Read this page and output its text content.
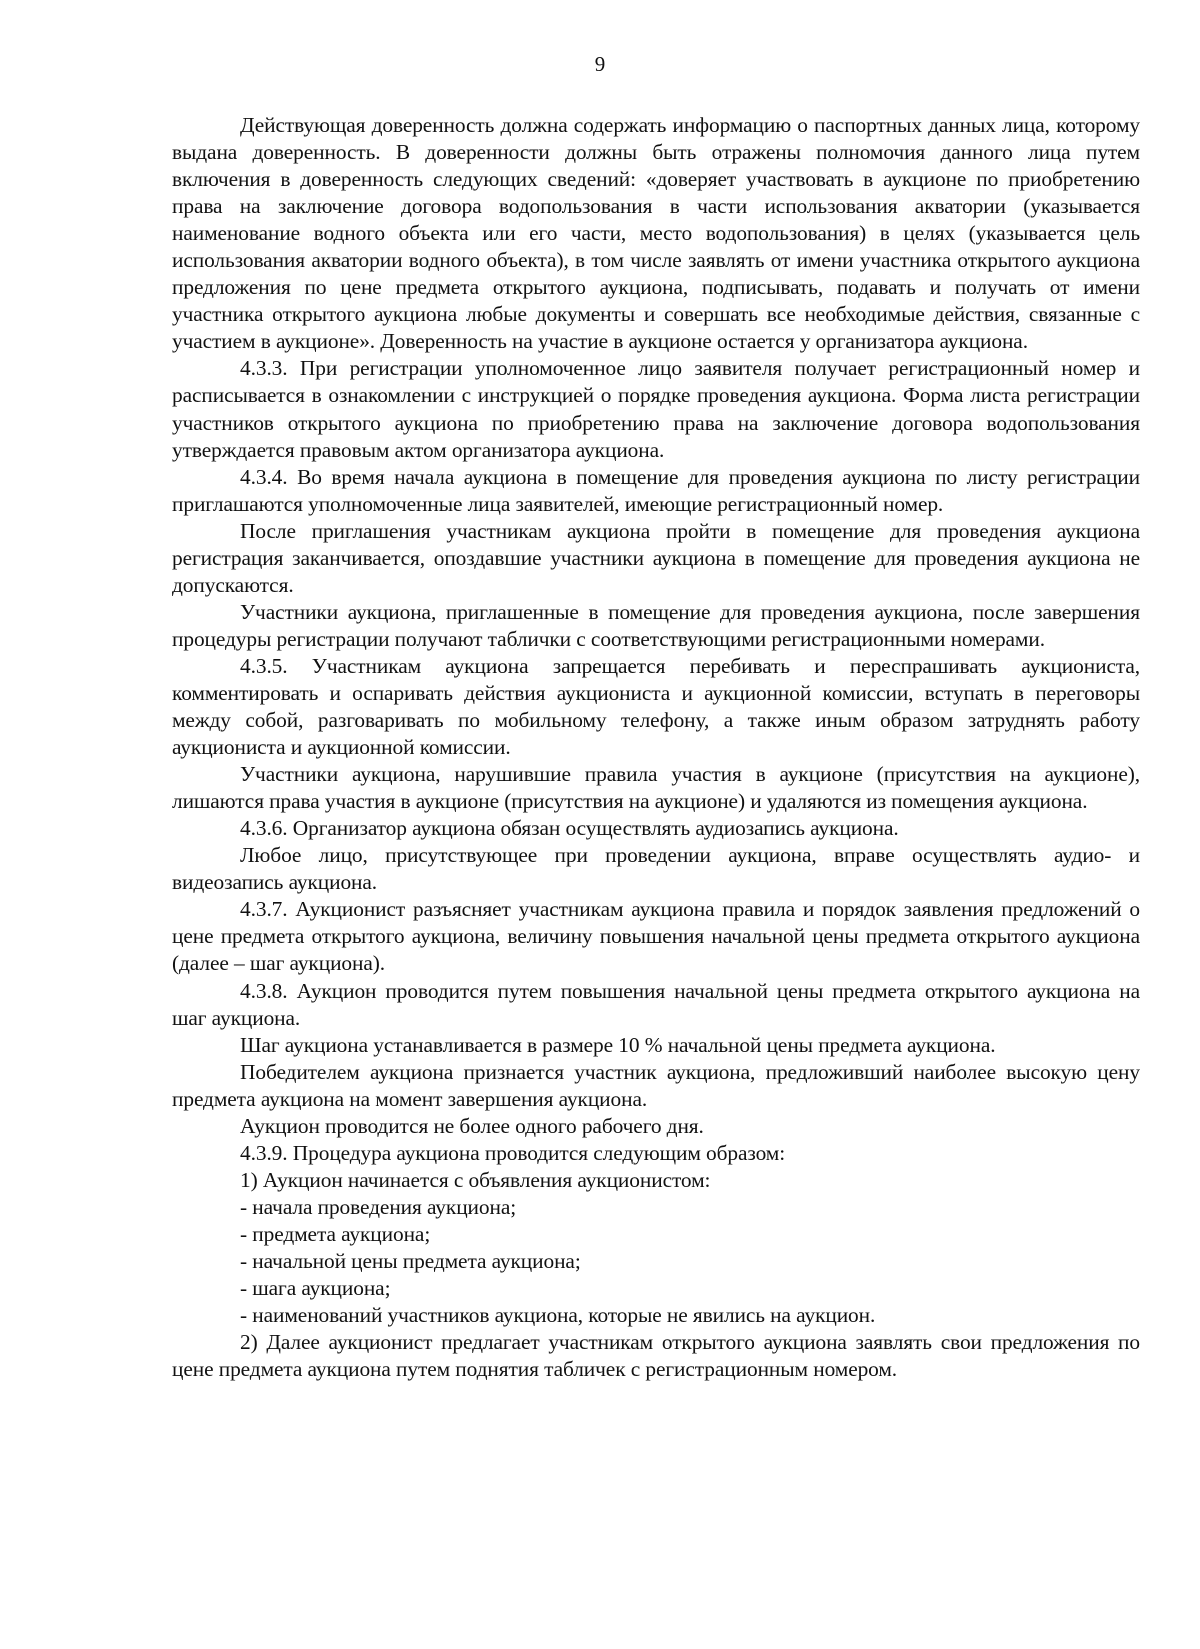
9

Действующая доверенность должна содержать информацию о паспортных данных лица, которому выдана доверенность. В доверенности должны быть отражены полномочия данного лица путем включения в доверенность следующих сведений: «доверяет участвовать в аукционе по приобретению права на заключение договора водопользования в части использования акватории (указывается наименование водного объекта или его части, место водопользования) в целях (указывается цель использования акватории водного объекта), в том числе заявлять от имени участника открытого аукциона предложения по цене предмета открытого аукциона, подписывать, подавать и получать от имени участника открытого аукциона любые документы и совершать все необходимые действия, связанные с участием в аукционе». Доверенность на участие в аукционе остается у организатора аукциона.

4.3.3. При регистрации уполномоченное лицо заявителя получает регистрационный номер и расписывается в ознакомлении с инструкцией о порядке проведения аукциона. Форма листа регистрации участников открытого аукциона по приобретению права на заключение договора водопользования утверждается правовым актом организатора аукциона.

4.3.4. Во время начала аукциона в помещение для проведения аукциона по листу регистрации приглашаются уполномоченные лица заявителей, имеющие регистрационный номер.

После приглашения участникам аукциона пройти в помещение для проведения аукциона регистрация заканчивается, опоздавшие участники аукциона в помещение для проведения аукциона не допускаются.

Участники аукциона, приглашенные в помещение для проведения аукциона, после завершения процедуры регистрации получают таблички с соответствующими регистрационными номерами.

4.3.5. Участникам аукциона запрещается перебивать и переспрашивать аукциониста, комментировать и оспаривать действия аукциониста и аукционной комиссии, вступать в переговоры между собой, разговаривать по мобильному телефону, а также иным образом затруднять работу аукциониста и аукционной комиссии.

Участники аукциона, нарушившие правила участия в аукционе (присутствия на аукционе), лишаются права участия в аукционе (присутствия на аукционе) и удаляются из помещения аукциона.

4.3.6. Организатор аукциона обязан осуществлять аудиозапись аукциона.

Любое лицо, присутствующее при проведении аукциона, вправе осуществлять аудио- и видеозапись аукциона.

4.3.7. Аукционист разъясняет участникам аукциона правила и порядок заявления предложений о цене предмета открытого аукциона, величину повышения начальной цены предмета открытого аукциона (далее – шаг аукциона).

4.3.8. Аукцион проводится путем повышения начальной цены предмета открытого аукциона на шаг аукциона.

Шаг аукциона устанавливается в размере 10 % начальной цены предмета аукциона.

Победителем аукциона признается участник аукциона, предложивший наиболее высокую цену предмета аукциона на момент завершения аукциона.

Аукцион проводится не более одного рабочего дня.

4.3.9. Процедура аукциона проводится следующим образом:

1) Аукцион начинается с объявления аукционистом:

- начала проведения аукциона;

- предмета аукциона;

- начальной цены предмета аукциона;

- шага аукциона;

- наименований участников аукциона, которые не явились на аукцион.

2) Далее аукционист предлагает участникам открытого аукциона заявлять свои предложения по цене предмета аукциона путем поднятия табличек с регистрационным номером.
